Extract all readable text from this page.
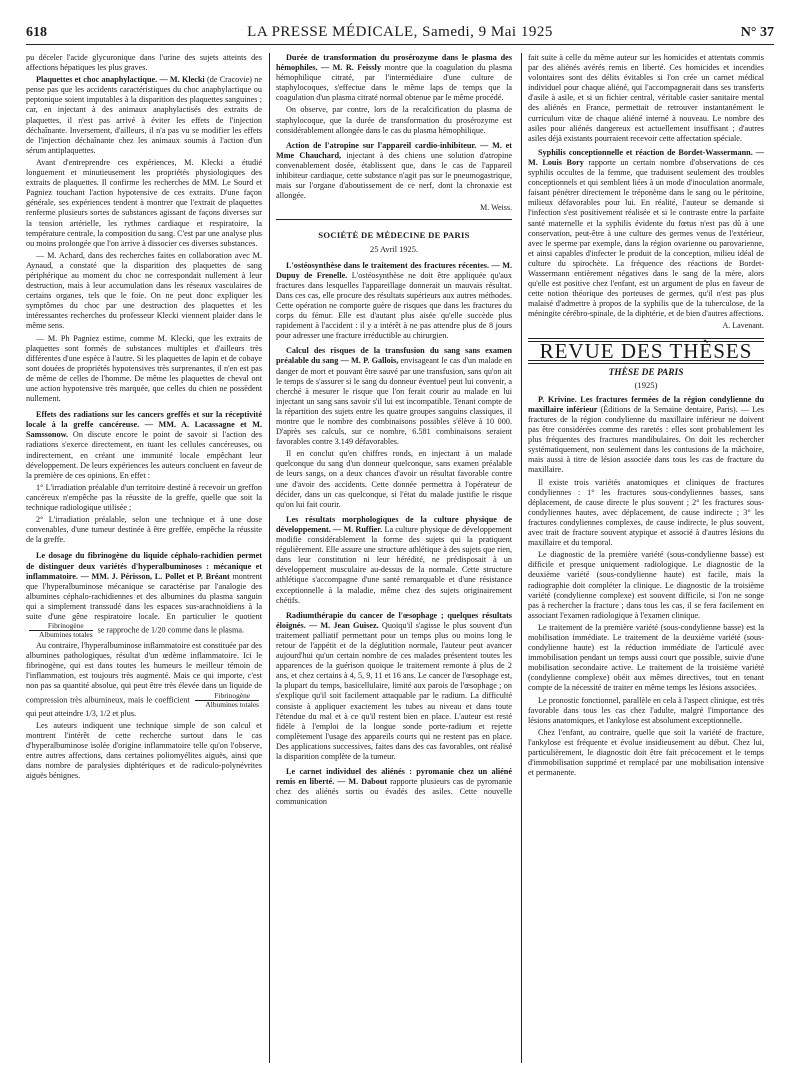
618	LA PRESSE MÉDICALE, Samedi, 9 Mai 1925	N° 37

pu déceler l'acide glycuronique dans l'urine des sujets atteints des affections hépatiques les plus graves.

Plaquettes et choc anaphylactique. — M. Klecki (de Cracovie) ne pense pas que les accidents caractéristiques du choc anaphylactique ou peptonique soient imputables à la disparition des plaquettes sanguines ; car, en injectant à des animaux anaphylactisés des extraits de plaquettes, il n'est pas arrivé à éviter les effets de l'injection déchaînante. Inversement, d'ailleurs, il n'a pas vu se modifier les effets de l'injection déchaînante chez les animaux soumis à l'action d'un sérum antiplaquettes.

Avant d'entreprendre ces expériences, M. Klecki a étudié longuement et minutieusement les propriétés physiologiques des extraits de plaquettes. Il confirme les recherches de MM. Le Sourd et Pagniez touchant l'action hypotensive de ces extraits. D'une façon générale, ses expériences tendent à montrer que l'extrait de plaquettes renferme plusieurs sortes de substances agissant de façons diverses sur la tension artérielle, les rythmes cardiaque et respiratoire, la température centrale, la composition du sang. C'est par une analyse plus ou moins prolongée que l'on arrive à dissocier ces diverses substances.

— M. Achard, dans des recherches faites en collaboration avec M. Aynaud, a constaté que la disparition des plaquettes de sang périphérique au moment du choc ne correspondait nullement à leur destruction, mais à leur accumulation dans les réseaux vasculaires de certains organes, tels que le foie. On ne peut donc expliquer les symptômes du choc par une destruction des plaquettes et les intéressantes recherches du professeur Klecki viennent plaider dans le même sens.

— M. Ph Pagniez estime, comme M. Klecki, que les extraits de plaquettes sont formés de substances multiples et d'ailleurs très différentes d'une espèce à l'autre. Si les plaquettes de lapin et de cobaye sont douées de propriétés hypotensives très surprenantes, il n'en est pas de même de celles de l'homme. De même les plaquettes de cheval ont une action hypotensive très marquée, que celles du chien ne possèdent nullement.

Effets des radiations sur les cancers greffés et sur la réceptivité locale à la greffe cancéreuse. — MM. A. Lacassagne et M. Samssonow. On discute encore le point de savoir si l'action des radiations s'exerce directement, en tuant les cellules cancéreuses, ou indirectement, en créant une immunité locale empêchant leur développement. De leurs expériences les auteurs concluent en faveur de la première de ces opinions. En effet :

1° L'irradiation préalable d'un territoire destiné à recevoir un greffon cancéreux n'empêche pas la réussite de la greffe, quelle que soit la technique radiologique utilisée ;

2° L'irradiation préalable, selon une technique et à une dose convenables, d'une tumeur destinée à être greffée, empêche la réussite de la greffe.

Le dosage du fibrinogène du liquide céphalo-rachidien permet de distinguer deux variétés d'hyperalbuminoses : mécanique et inflammatoire. — MM. J. Périsson, L. Pollet et P. Bréant montrent que l'hyperalbuminose mécanique se caractérise par l'analogie des albumines céphalo-rachidiennes et des albumines du plasma sanguin qui a simplement transsudé dans les espaces sus-arachnoïdiens à la suite d'une gêne respiratoire locale. En particulier le quotient
$\frac{\text{Fibrinogène}}{\text{Albumines totales}}$ se rapproche de 1/20 comme dans le plasma.

Au contraire, l'hyperalbuminose inflammatoire est constituée par des albumines pathologiques, résultat d'un œdème inflammatoire. Ici le fibrinogène, qui est dans toutes les humeurs le meilleur témoin de l'inflammation, est toujours très augmenté. Mais ce qui importe, c'est non pas sa quantité absolue, qui peut être très élevée dans un liquide de compression très albumineux, mais le coefficient $\frac{\text{Fibrinogène}}{\text{Albumines totales}}$
qui peut atteindre 1/3, 1/2 et plus.

Les auteurs indiquent une technique simple de son calcul et montrent l'intérêt de cette recherche surtout dans le cas d'hyperalbuminose isolée d'origine inflammatoire telle qu'on l'observe, entre autres affections, dans certaines poliomyélites aiguës, ainsi que dans nombre de paralysies diphtériques et de radiculo-polynévrites aiguës bénignes.

Durée de transformation du prosérozyme dans le plasma des hémophiles. — M. R. Feissly montre que la coagulation du plasma hémophilique citraté, par l'intermédiaire d'une culture de staphylocoques, s'effectue dans le même laps de temps que la coagulation d'un plasma citraté normal obtenue par le même procédé.

On observe, par contre, lors de la recalcification du plasma de staphylocoque, que la durée de transformation du prosérozyme est considérablement allongée dans le cas du plasma hémophilique.

Action de l'atropine sur l'appareil cardio-inhibiteur. — M. et Mme Chauchard, injectant à des chiens une solution d'atropine convenablement dosée, établissent que, dans le cas de l'appareil inhibiteur cardiaque, cette substance n'agit pas sur le pneumogastrique, mais sur l'organe d'aboutissement de ce nerf, dont la chronaxie est allongée.

M. Weiss.
SOCIÉTÉ DE MÉDECINE DE PARIS
25 Avril 1925.

L'ostéosynthèse dans le traitement des fractures récentes. — M. Dupuy de Frenelle. L'ostéosynthèse ne doit être appliquée qu'aux fractures dans lesquelles l'appareillage donnerait un mauvais résultat. Dans ces cas, elle procure des résultats supérieurs aux autres méthodes. Cette opération ne comporte guère de risques que dans les fractures du corps du fémur. Elle est d'autant plus aisée qu'elle succède plus rapidement à l'accident : il y a intérêt à ne pas attendre plus de 8 jours pour adresser une fracture irréductible au chirurgien.

Calcul des risques de la transfusion du sang sans examen préalable du sang — M. P. Gallois, envisageant le cas d'un malade en danger de mort et pouvant être sauvé par une transfusion, sans qu'on ait le temps de s'assurer si le sang du donneur éventuel peut lui convenir, a cherché à mesurer le risque que l'on ferait courir au malade en lui injectant un sang sans savoir s'il lui est incompatible. Tenant compte de la répartition des sujets entre les quatre groupes sanguins classiques, il montre que le nombre des combinaisons possibles s'élève à 10 000. D'après ses calculs, sur ce nombre, 6.581 combinaisons seraient favorables contre 3.149 défavorables.

Il en conclut qu'en chiffres ronds, en injectant à un malade quelconque du sang d'un donneur quelconque, sans examen préalable de leurs sangs, on a deux chances d'avoir un résultat favorable contre une d'avoir des accidents. Cette donnée permettra à l'opérateur de décider, dans un cas quelconque, si l'état du malade justifie le risque qu'on lui fait courir.

Les résultats morphologiques de la culture physique de développement. — M. Ruffier. La culture physique de développement modifie considérablement la forme des sujets qui la pratiquent régulièrement. Elle assure une structure athlétique à des sujets que rien, dans leur constitution ni leur hérédité, ne prédisposait à un développement musculaire au-dessus de la normale. Cette structure athlétique s'accompagne d'une santé remarquable et d'une résistance exceptionnelle à la maladie, même chez des sujets originairement chétifs.

Radiumthérapie du cancer de l'œsophage ; quelques résultats éloignés. — M. Jean Guisez. Quoiqu'il s'agisse le plus souvent d'un traitement palliatif permettant pour un temps plus ou moins long le retour de l'appétit et de la déglutition normale, l'auteur peut avancer aujourd'hui qu'un certain nombre de ces malades présentent toutes les apparences de la guérison quoique le traitement remonte à plus de 2 ans, et chez certains à 4, 5, 9, 11 et 16 ans. Le cancer de l'œsophage est, la plupart du temps, basicellulaire, limité aux parois de l'œsophage ; on s'explique qu'il soit facilement attaquable par le radium. La difficulté consiste à appliquer exactement les tubes au niveau et dans toute l'étendue du mal et à ce qu'il restent bien en place. L'auteur est resté fidèle à l'emploi de la longue sonde porte-radium et rejette complètement l'usage des appareils courts qui ne restent pas en place. Des applications successives, faites dans des cas favorables, ont réalisé la disparition complète de la tumeur.

Le carnet individuel des aliénés : pyromanie chez un aliéné remis en liberté. — M. Dabout rapporte plusieurs cas de pyromanie chez des aliénés sortis ou évadés des asiles. Cette nouvelle communication

fait suite à celle du même auteur sur les homicides et attentats commis par des aliénés avérés remis en liberté. Ces homicides et incendies volontaires sont des délits évitables si l'on crée un carnet médical individuel pour chaque aliéné, qui l'accompagnerait dans ses transferts d'asile à asile, et si un fichier central, véritable casier sanitaire mental des aliénés en France, permettait de retrouver instantanément le curriculum vitæ de chaque aliéné interné à nouveau. Le nombre des asiles pour aliénés dangereux est actuellement insuffisant ; d'autres asiles déjà existants pourraient recevoir cette affectation spéciale.

Syphilis conceptionnelle et réaction de Bordet-Wassermann. — M. Louis Bory rapporte un certain nombre d'observations de ces syphilis occultes de la femme, que traduisent seulement des troubles conceptionnels et qui semblent liées à un mode d'inoculation anormale, faisant pénétrer directement le tréponème dans le sang ou le péritoine, milieux défavorables pour lui. En réalité, l'auteur se demande si l'infection s'est positivement réalisée et si le contraste entre la parfaite santé maternelle et la syphilis évidente du fœtus n'est pas dû à une conservation, peut-être à une culture des germes venus de l'extérieur, avec le sperme par exemple, dans la région ovarienne ou parovarienne, et ainsi capables d'infecter le produit de la conception, milieu idéal de culture du spirochète. La fréquence des réactions de Bordet-Wassermann entièrement négatives dans le sang de la mère, alors qu'elle est positive chez l'enfant, est un argument de plus en faveur de cette notion théorique des porteuses de germes, qu'il n'est pas plus malaisé d'admettre à propos de la syphilis que de la tuberculose, de la méningite cérébro-spinale, de la diphtérie, et de bien d'autres affections.

A. Lavenant.
REVUE DES THÈSES
THÈSE DE PARIS
(1925)

P. Krivine. Les fractures fermées de la région condylienne du maxillaire inférieur (Éditions de la Semaine dentaire, Paris). — Les fractures de la région condylienne du maxillaire inférieur ne doivent pas être considérées comme des raretés : elles sont probablement les plus fréquentes des fractures mandibulaires. On doit les rechercher systématiquement, non seulement dans les contusions de la mâchoire, mais aussi à titre de lésion associée dans tous les cas de fracture du maxillaire.

Il existe trois variétés anatomiques et cliniques de fractures condyliennes : 1° les fractures sous-condyliennes basses, sans déplacement, de cause directe le plus souvent ; 2° les fractures sous-condyliennes hautes, avec déplacement, de cause indirecte ; 3° les fractures condyliennes complexes, de cause indirecte, le plus souvent, avec trait de fracture souvent atypique et associé à d'autres lésions du maxillaire et du temporal.

Le diagnostic de la première variété (sous-condylienne basse) est difficile et presque uniquement radiologique. Le diagnostic de la deuxième variété (sous-condylienne haute) est facile, mais la radiographie doit compléter la clinique. Le diagnostic de la troisième variété (condylienne complexe) est souvent difficile, si l'on ne songe pas à rechercher la fracture ; dans tous les cas, il se fera facilement en associant l'examen radiologique à l'examen clinique.

Le traitement de la première variété (sous-condylienne basse) est la mobilisation immédiate. Le traitement de la deuxième variété (sous-condylienne haute) est la réduction immédiate de l'articulé avec immobilisation pendant un temps aussi court que possible, suivie d'une mobilisation secondaire active. Le traitement de la troisième variété (condylienne complexe) obéit aux mêmes directives, tout en tenant compte de la nécessité de traiter en même temps les lésions associées.

Le pronostic fonctionnel, parallèle en cela à l'aspect clinique, est très favorable dans tous les cas chez l'adulte, malgré l'importance des lésions anatomiques, et l'ankylose est absolument exceptionnelle.

Chez l'enfant, au contraire, quelle que soit la variété de fracture, l'ankylose est fréquente et évolue insidieusement au début. Chez lui, particulièrement, le diagnostic doit être fait précocement et le temps d'immobilisation supprimé et remplacé par une mobilisation intensive et permanente.
